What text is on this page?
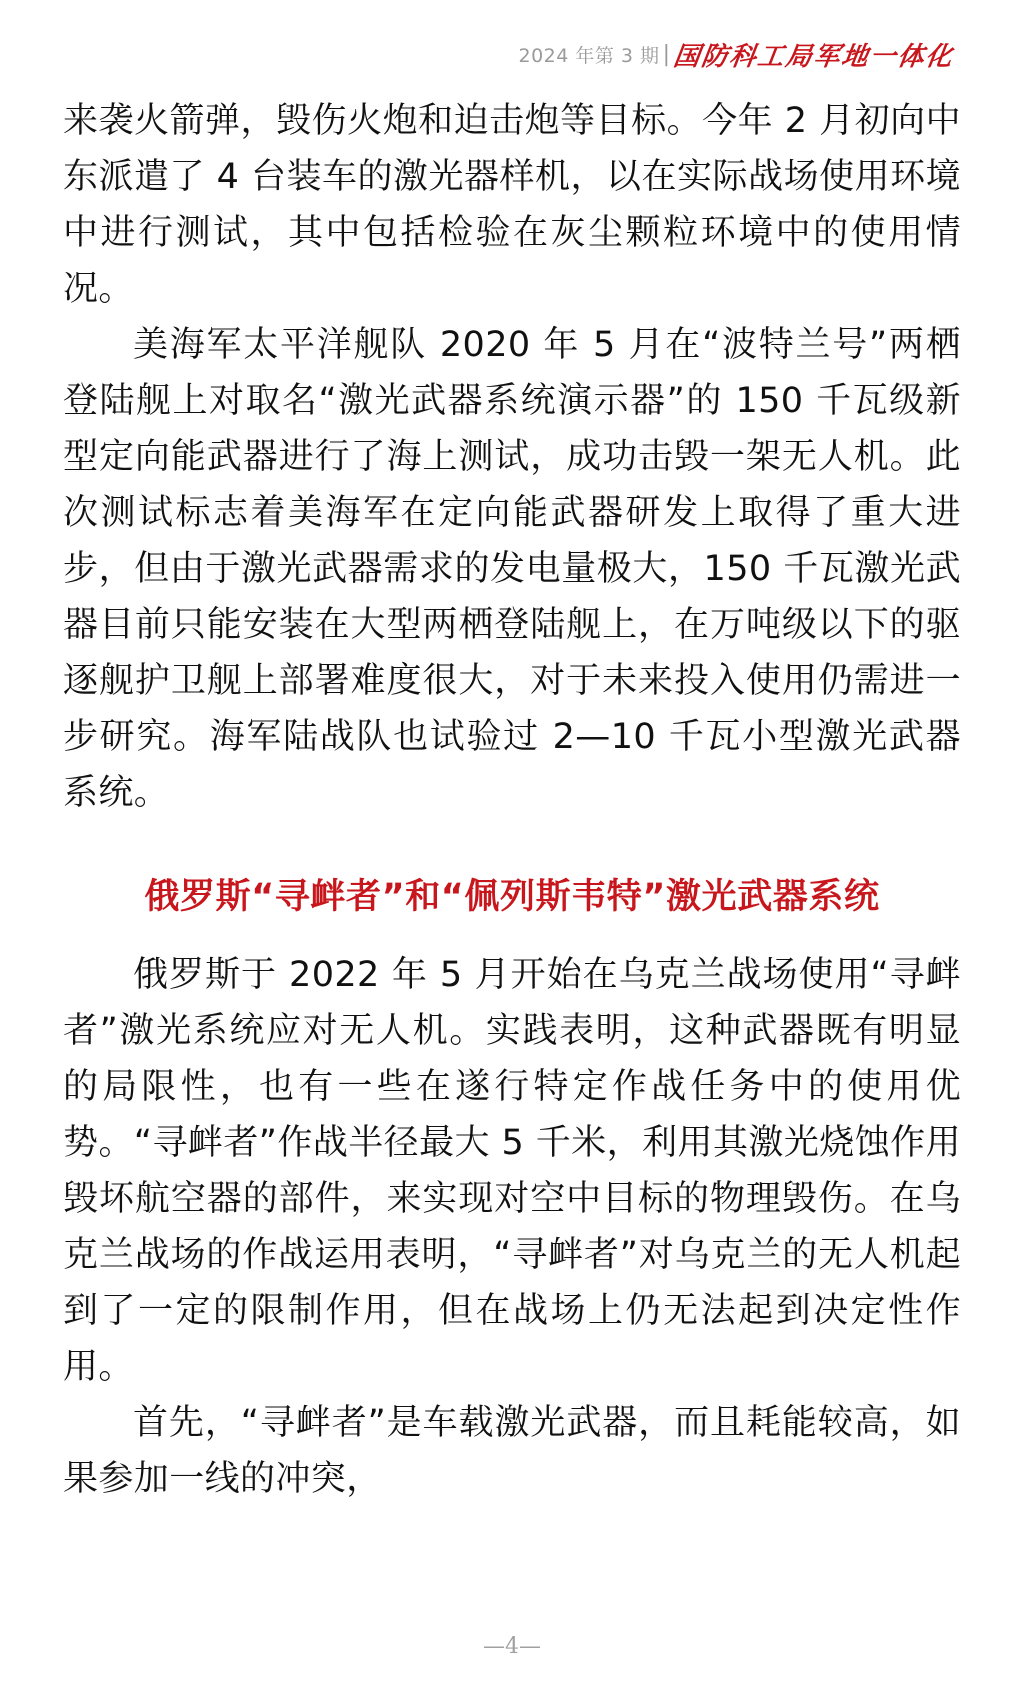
2024 年第 3 期 | 国防科工局军地一体化

来袭火箭弹，毁伤火炮和迫击炮等目标。今年 2 月初向中东派遣了 4 台装车的激光器样机，以在实际战场使用环境中进行测试，其中包括检验在灰尘颗粒环境中的使用情况。

美海军太平洋舰队 2020 年 5 月在“波特兰号”两栖登陆舰上对取名“激光武器系统演示器”的 150 千瓦级新型定向能武器进行了海上测试，成功击毁一架无人机。此次测试标志着美海军在定向能武器研发上取得了重大进步，但由于激光武器需求的发电量极大，150 千瓦激光武器目前只能安装在大型两栖登陆舰上，在万吨级以下的驱逐舰护卫舰上部署难度很大，对于未来投入使用仍需进一步研究。海军陆战队也试验过 2—10 千瓦小型激光武器系统。

俄罗斯“寻衅者”和“佩列斯韦特”激光武器系统

俄罗斯于 2022 年 5 月开始在乌克兰战场使用“寻衅者”激光系统应对无人机。实践表明，这种武器既有明显的局限性，也有一些在遂行特定作战任务中的使用优势。“寻衅者”作战半径最大 5 千米，利用其激光烧蚀作用毁坏航空器的部件，来实现对空中目标的物理毁伤。在乌克兰战场的作战运用表明，“寻衅者”对乌克兰的无人机起到了一定的限制作用，但在战场上仍无法起到决定性作用。

首先，“寻衅者”是车载激光武器，而且耗能较高，如果参加一线的冲突，

—4—
